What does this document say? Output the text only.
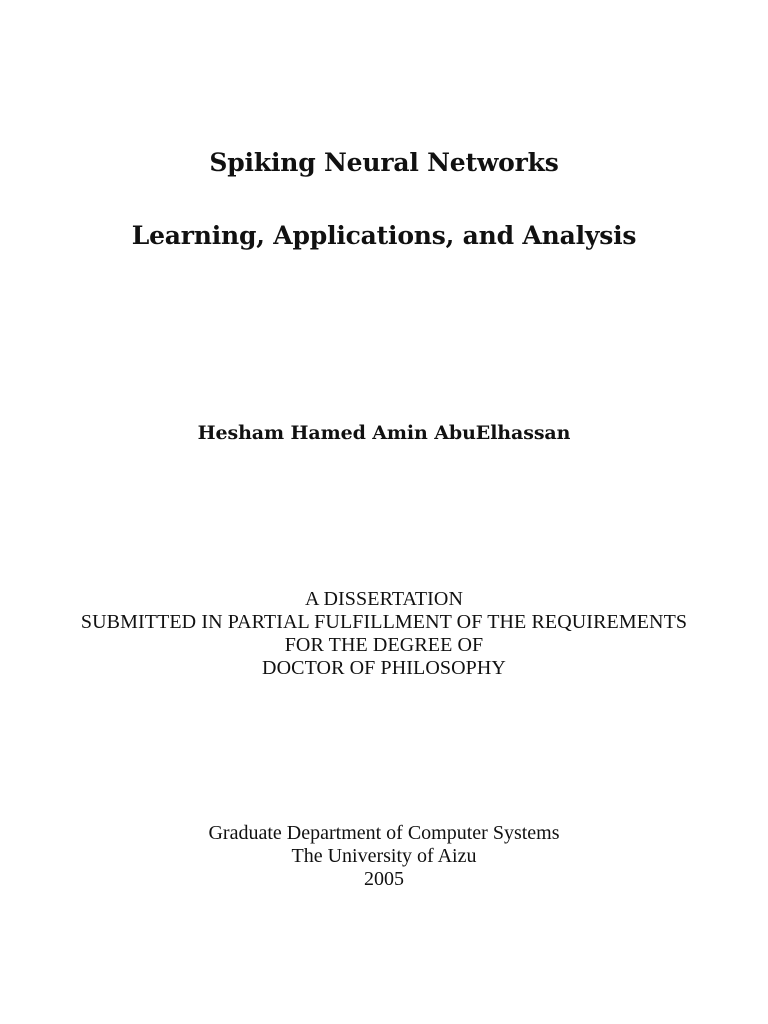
Spiking Neural Networks
Learning, Applications, and Analysis
Hesham Hamed Amin AbuElhassan
A DISSERTATION
SUBMITTED IN PARTIAL FULFILLMENT OF THE REQUIREMENTS
FOR THE DEGREE OF
DOCTOR OF PHILOSOPHY
Graduate Department of Computer Systems
The University of Aizu
2005
